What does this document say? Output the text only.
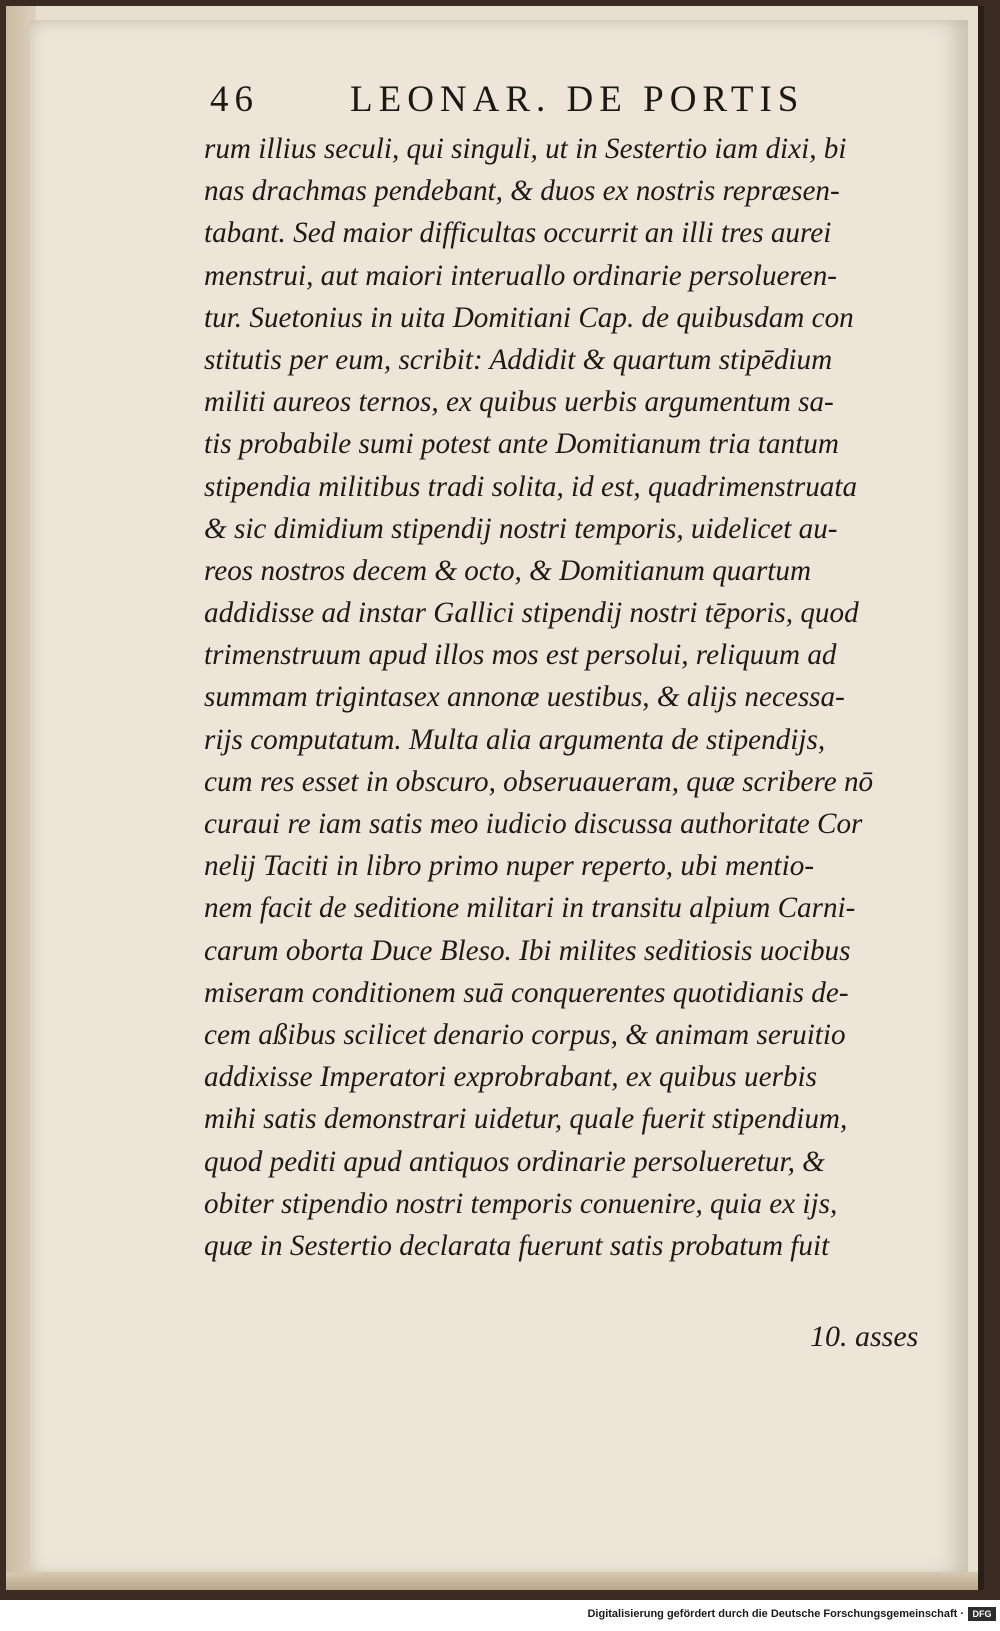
46 LEONAR. DE PORTIS
rum illius seculi, qui singuli, ut in Sestertio iam dixi, bi
nas drachmas pendebant, & duos ex nostris repræsen-
tabant. Sed maior difficultas occurrit an illi tres aurei
menstrui, aut maiori interuallo ordinarie persolueren-
tur. Suetonius in uita Domitiani Cap. de quibusdam con
stitutis per eum, scribit: Addidit & quartum stipēdium
militi aureos ternos, ex quibus uerbis argumentum sa-
tis probabile sumi potest ante Domitianum tria tantum
stipendia militibus tradi solita, id est, quadrimenstruata
& sic dimidium stipendij nostri temporis, uidelicet au-
reos nostros decem & octo, & Domitianum quartum
addidisse ad instar Gallici stipendij nostri tēporis, quod
trimenstruum apud illos mos est persolui, reliquum ad
summam trigintasex annonæ uestibus, & alijs necessa-
rijs computatum. Multa alia argumenta de stipendijs,
cum res esset in obscuro, obseruaueram, quæ scribere nō
curaui re iam satis meo iudicio discussa authoritate Cor
nelij Taciti in libro primo nuper reperto, ubi mentio-
nem facit de seditione militari in transitu alpium Carni-
carum oborta Duce Bleso. Ibi milites seditiosis uocibus
miseram conditionem suā conquerentes quotidianis de-
cem aßibus scilicet denario corpus, & animam seruitio
addixisse Imperatori exprobrabant, ex quibus uerbis
mihi satis demonstrari uidetur, quale fuerit stipendium,
quod pediti apud antiquos ordinarie persolueretur, &
obiter stipendio nostri temporis conuenire, quia ex ijs,
quæ in Sestertio declarata fuerunt satis probatum fuit
10. asses
Digitalisierung gefördert durch die Deutsche Forschungsgemeinschaft · DFG
